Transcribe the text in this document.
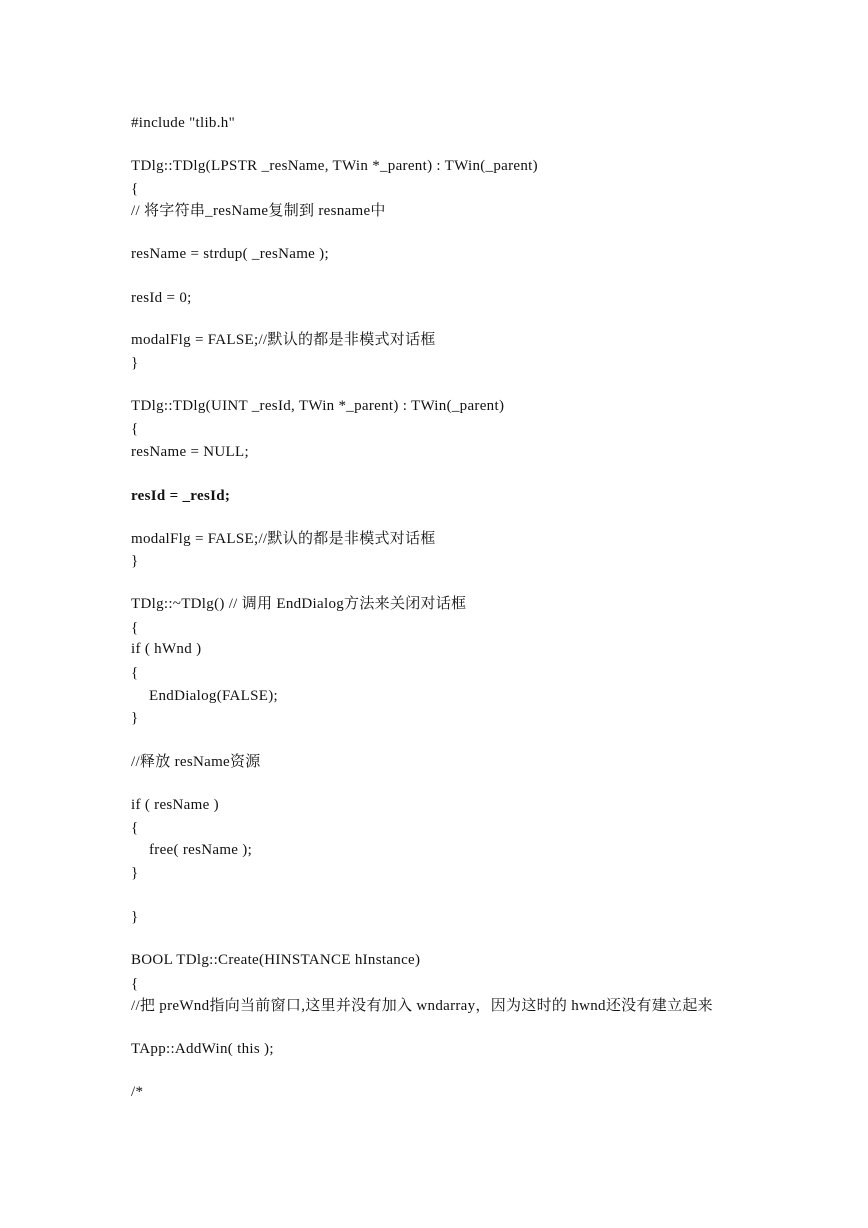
#include "tlib.h"
TDlg::TDlg(LPSTR _resName, TWin *_parent) : TWin(_parent)
{
// 将字符串_resName复制到 resname中
resName = strdup( _resName );
resId = 0;
modalFlg = FALSE;//默认的都是非模式对话框
}
TDlg::TDlg(UINT _resId, TWin *_parent) : TWin(_parent)
{
resName = NULL;
resId = _resId;
modalFlg = FALSE;//默认的都是非模式对话框
}
TDlg::~TDlg() // 调用 EndDialog方法来关闭对话框
{
if ( hWnd )
{
EndDialog(FALSE);
}
//释放 resName资源
if ( resName )
{
free( resName );
}
}
BOOL TDlg::Create(HINSTANCE hInstance)
{
//把 preWnd指向当前窗口,这里并没有加入 wndarray，因为这时的 hwnd还没有建立起来
TApp::AddWin( this );
/*
